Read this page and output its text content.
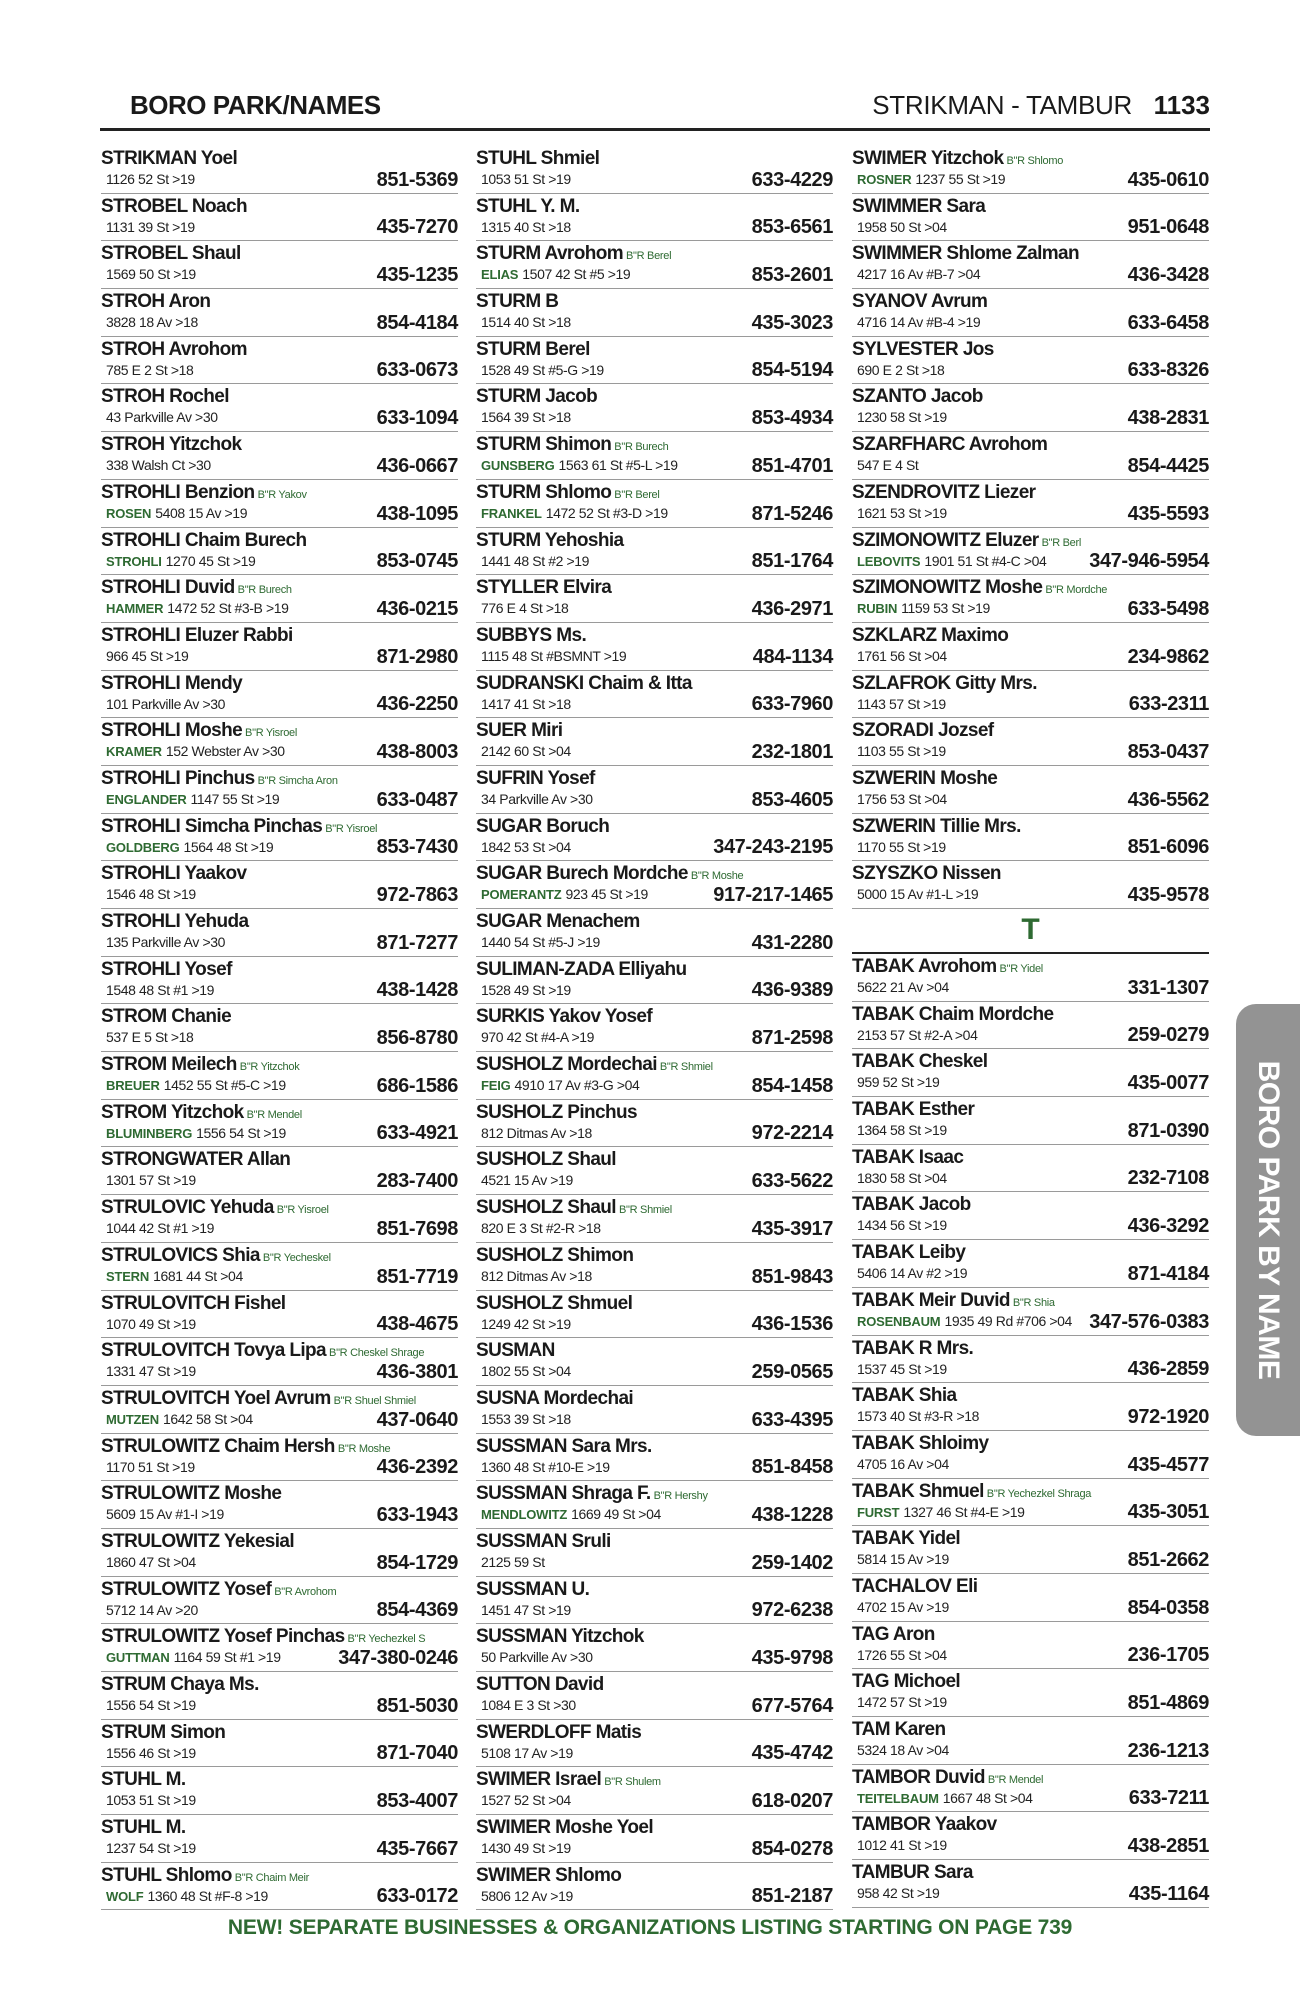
BORO PARK/NAMES	STRIKMAN - TAMBUR 1133
STRIKMAN Yoel
1126 52 St >19	851-5369
STROBEL Noach
1131 39 St >19	435-7270
STROBEL Shaul
1569 50 St >19	435-1235
STROH Aron
3828 18 Av >18	854-4184
STROH Avrohom
785 E 2 St >18	633-0673
STROH Rochel
43 Parkville Av >30	633-1094
STROH Yitzchok
338 Walsh Ct >30	436-0667
STROHLI Benzion B"R Yakov
ROSEN 5408 15 Av >19	438-1095
STROHLI Chaim Burech
STROHLI 1270 45 St >19	853-0745
STROHLI Duvid B"R Burech
HAMMER 1472 52 St #3-B >19	436-0215
STROHLI Eluzer Rabbi
966 45 St >19	871-2980
STROHLI Mendy
101 Parkville Av >30	436-2250
STROHLI Moshe B"R Yisroel
KRAMER 152 Webster Av >30	438-8003
STROHLI Pinchus B"R Simcha Aron
ENGLANDER 1147 55 St >19	633-0487
STROHLI Simcha Pinchas B"R Yisroel
GOLDBERG 1564 48 St >19	853-7430
STROHLI Yaakov
1546 48 St >19	972-7863
STROHLI Yehuda
135 Parkville Av >30	871-7277
STROHLI Yosef
1548 48 St #1 >19	438-1428
STROM Chanie
537 E 5 St >18	856-8780
STROM Meilech B"R Yitzchok
BREUER 1452 55 St #5-C >19	686-1586
STROM Yitzchok B"R Mendel
BLUMINBERG 1556 54 St >19	633-4921
STRONGWATER Allan
1301 57 St >19	283-7400
STRULOVIC Yehuda B"R Yisroel
1044 42 St #1 >19	851-7698
STRULOVICS Shia B"R Yecheskel
STERN 1681 44 St >04	851-7719
STRULOVITCH Fishel
1070 49 St >19	438-4675
STRULOVITCH Tovya Lipa B"R Cheskel Shrage
1331 47 St >19	436-3801
STRULOVITCH Yoel Avrum B"R Shuel Shmiel
MUTZEN 1642 58 St >04	437-0640
STRULOWITZ Chaim Hersh B"R Moshe
1170 51 St >19	436-2392
STRULOWITZ Moshe
5609 15 Av #1-I >19	633-1943
STRULOWITZ Yekesial
1860 47 St >04	854-1729
STRULOWITZ Yosef B"R Avrohom
5712 14 Av >20	854-4369
STRULOWITZ Yosef Pinchas B"R Yechezkel S
GUTTMAN 1164 59 St #1 >19	347-380-0246
STRUM Chaya Ms.
1556 54 St >19	851-5030
STRUM Simon
1556 46 St >19	871-7040
STUHL M.
1053 51 St >19	853-4007
STUHL M.
1237 54 St >19	435-7667
STUHL Shlomo B"R Chaim Meir
WOLF 1360 48 St #F-8 >19	633-0172
STUHL Shmiel
1053 51 St >19	633-4229
STUHL Y. M.
1315 40 St >18	853-6561
STURM Avrohom B"R Berel
ELIAS 1507 42 St #5 >19	853-2601
STURM B
1514 40 St >18	435-3023
STURM Berel
1528 49 St #5-G >19	854-5194
STURM Jacob
1564 39 St >18	853-4934
STURM Shimon B"R Burech
GUNSBERG 1563 61 St #5-L >19	851-4701
STURM Shlomo B"R Berel
FRANKEL 1472 52 St #3-D >19	871-5246
STURM Yehoshia
1441 48 St #2 >19	851-1764
STYLLER Elvira
776 E 4 St >18	436-2971
SUBBYS Ms.
1115 48 St #BSMNT >19	484-1134
SUDRANSKI Chaim & Itta
1417 41 St >18	633-7960
SUER Miri
2142 60 St >04	232-1801
SUFRIN Yosef
34 Parkville Av >30	853-4605
SUGAR Boruch
1842 53 St >04	347-243-2195
SUGAR Burech Mordche B"R Moshe
POMERANTZ 923 45 St >19	917-217-1465
SUGAR Menachem
1440 54 St #5-J >19	431-2280
SULIMAN-ZADA Elliyahu
1528 49 St >19	436-9389
SURKIS Yakov Yosef
970 42 St #4-A >19	871-2598
SUSHOLZ Mordechai B"R Shmiel
FEIG 4910 17 Av #3-G >04	854-1458
SUSHOLZ Pinchus
812 Ditmas Av >18	972-2214
SUSHOLZ Shaul
4521 15 Av >19	633-5622
SUSHOLZ Shaul B"R Shmiel
820 E 3 St #2-R >18	435-3917
SUSHOLZ Shimon
812 Ditmas Av >18	851-9843
SUSHOLZ Shmuel
1249 42 St >19	436-1536
SUSMAN
1802 55 St >04	259-0565
SUSNA Mordechai
1553 39 St >18	633-4395
SUSSMAN Sara Mrs.
1360 48 St #10-E >19	851-8458
SUSSMAN Shraga F. B"R Hershy
MENDLOWITZ 1669 49 St >04	438-1228
SUSSMAN Sruli
2125 59 St	259-1402
SUSSMAN U.
1451 47 St >19	972-6238
SUSSMAN Yitzchok
50 Parkville Av >30	435-9798
SUTTON David
1084 E 3 St >30	677-5764
SWERDLOFF Matis
5108 17 Av >19	435-4742
SWIMER Israel B"R Shulem
1527 52 St >04	618-0207
SWIMER Moshe Yoel
1430 49 St >19	854-0278
SWIMER Shlomo
5806 12 Av >19	851-2187
SWIMER Yitzchok B"R Shlomo
ROSNER 1237 55 St >19	435-0610
SWIMMER Sara
1958 50 St >04	951-0648
SWIMMER Shlome Zalman
4217 16 Av #B-7 >04	436-3428
SYANOV Avrum
4716 14 Av #B-4 >19	633-6458
SYLVESTER Jos
690 E 2 St >18	633-8326
SZANTO Jacob
1230 58 St >19	438-2831
SZARFHARC Avrohom
547 E 4 St	854-4425
SZENDROVITZ Liezer
1621 53 St >19	435-5593
SZIMONOWITZ Eluzer B"R Berl
LEBOVITS 1901 51 St #4-C >04 347-946-5954
SZIMONOWITZ Moshe B"R Mordche
RUBIN 1159 53 St >19	633-5498
SZKLARZ Maximo
1761 56 St >04	234-9862
SZLAFROK Gitty Mrs.
1143 57 St >19	633-2311
SZORADI Jozsef
1103 55 St >19	853-0437
SZWERIN Moshe
1756 53 St >04	436-5562
SZWERIN Tillie Mrs.
1170 55 St >19	851-6096
SZYSZKO Nissen
5000 15 Av #1-L >19	435-9578
T
TABAK Avrohom B"R Yidel
5622 21 Av >04	331-1307
TABAK Chaim Mordche
2153 57 St #2-A >04	259-0279
TABAK Cheskel
959 52 St >19	435-0077
TABAK Esther
1364 58 St >19	871-0390
TABAK Isaac
1830 58 St >04	232-7108
TABAK Jacob
1434 56 St >19	436-3292
TABAK Leiby
5406 14 Av #2 >19	871-4184
TABAK Meir Duvid B"R Shia
ROSENBAUM 1935 49 Rd #706 >04 347-576-0383
TABAK R Mrs.
1537 45 St >19	436-2859
TABAK Shia
1573 40 St #3-R >18	972-1920
TABAK Shloimy
4705 16 Av >04	435-4577
TABAK Shmuel B"R Yechezkel Shraga
FURST 1327 46 St #4-E >19	435-3051
TABAK Yidel
5814 15 Av >19	851-2662
TACHALOV Eli
4702 15 Av >19	854-0358
TAG Aron
1726 55 St >04	236-1705
TAG Michoel
1472 57 St >19	851-4869
TAM Karen
5324 18 Av >04	236-1213
TAMBOR Duvid B"R Mendel
TEITELBAUM 1667 48 St >04	633-7211
TAMBOR Yaakov
1012 41 St >19	438-2851
TAMBUR Sara
958 42 St >19	435-1164
BORO PARK BY NAME
NEW! SEPARATE BUSINESSES & ORGANIZATIONS LISTING STARTING ON PAGE 739
